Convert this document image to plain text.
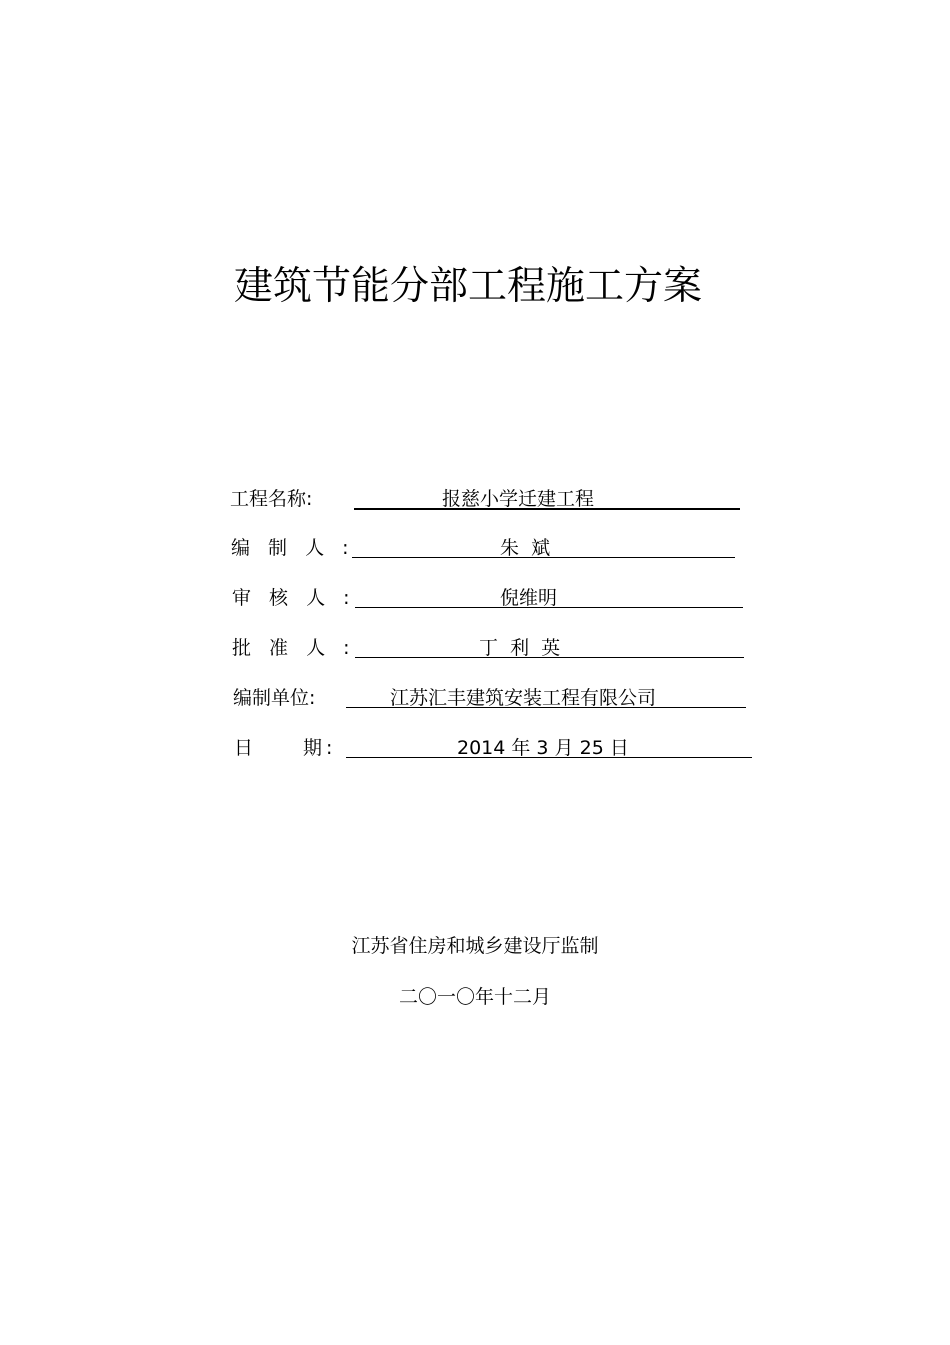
建筑节能分部工程施工方案
工程名称:	报慈小学迁建工程
编 制 人 :	朱  斌
审 核 人 :	倪维明
批 准 人 :	丁  利  英
编制单位:	江苏汇丰建筑安装工程有限公司
日　　期:	2014 年 3 月 25 日
江苏省住房和城乡建设厅监制
二〇一〇年十二月
